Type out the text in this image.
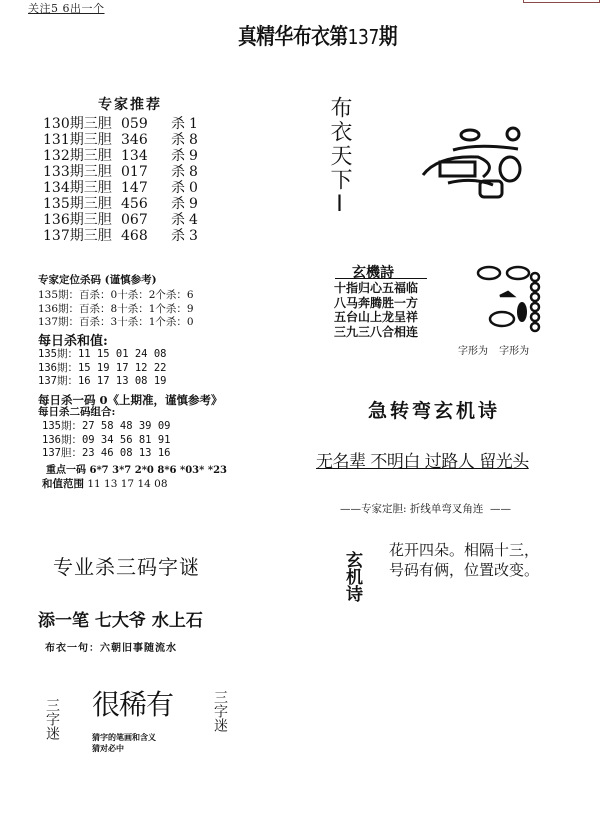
关注5 6出一个
真精华布衣第137期
专家推荐
130期三胆 059	杀 1
131期三胆 346	杀 8
132期三胆 134	杀 9
133期三胆 017	杀 8
134期三胆 147	杀 0
135期三胆 456	杀 9
136期三胆 067	杀 4
137期三胆 468	杀 3
专家定位杀码 (谨慎参考)
135期：百杀：0十杀：2个杀：6
136期：百杀：8十杀：1个杀：9
137期：百杀：3十杀：1个杀：0
每日杀和值:
135期：11 15 01 24 08
136期：15 19 17 12 22
137期：16 17 13 08 19
每日杀一码 0《上期准，谨慎参考》
每日杀二码组合:
135期：27 58 48 39 09
136期：09 34 56 81 91
137胆：23 46 08 13 16
重点一码 6*7 3*7 2*0 8*6 *03* *23
和值范围 11 13 17 14 08
布衣天下I
玄機詩
十指归心五福临
八马奔腾胜一方
五台山上龙呈祥
三九三八合相连
字形为 字形为
急转弯玄机诗
无名辈 不明白 过路人 留光头
——专家定胆: 折线单弯叉角连  ——
玄机诗
花开四朵。相隔十三，
号码有俩，位置改变。
专业杀三码字谜
添一笔 七大爷 水上石
布衣一句：六朝旧事随流水
三字迷 很稀有
猜字的笔画和含义猜对必中
三字迷
